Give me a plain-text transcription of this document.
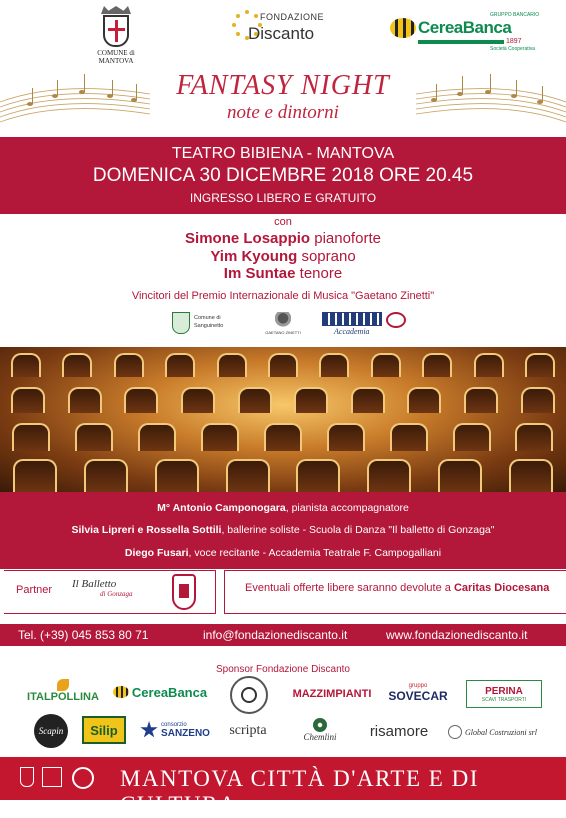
COMUNE di
MANTOVA
FONDAZIONE
Discanto
GRUPPO BANCARIO
CereaBanca
1897
Società Cooperativa
FANTASY NIGHT
note e dintorni
TEATRO BIBIENA - MANTOVA
DOMENICA 30 DICEMBRE 2018 ORE 20.45
INGRESSO LIBERO E GRATUITO
con
Simone Losappio pianoforte
Yim Kyoung soprano
Im Suntae tenore
Vincitori del Premio Internazionale di Musica "Gaetano Zinetti"
Comune di
Sanguinetto
GAETANO ZINETTI	Accademia
M° Antonio Camponogara, pianista accompagnatore
Silvia Lipreri e Rossella Sottili, ballerine soliste - Scuola di Danza "Il balletto di Gonzaga"
Diego Fusari, voce recitante - Accademia Teatrale F. Campogalliani
Partner Il Balletto
di Gonzaga	Eventuali offerte libere saranno devolute a Caritas Diocesana
Tel. (+39) 045 853 80 71	info@fondazionediscanto.it	www.fondazionediscanto.it
Sponsor Fondazione Discanto
ITALPOLLINA	CereaBanca	MAZZIMPIANTI
gruppo
SOVECAR	PERINA
SCAVI TRASPORTI
Scapin Silip	consorzio
SANZENO scripta	Chemlini risamore	Global Costruzioni srl
MANTOVA CITTÀ D'ARTE E DI CULTURA
